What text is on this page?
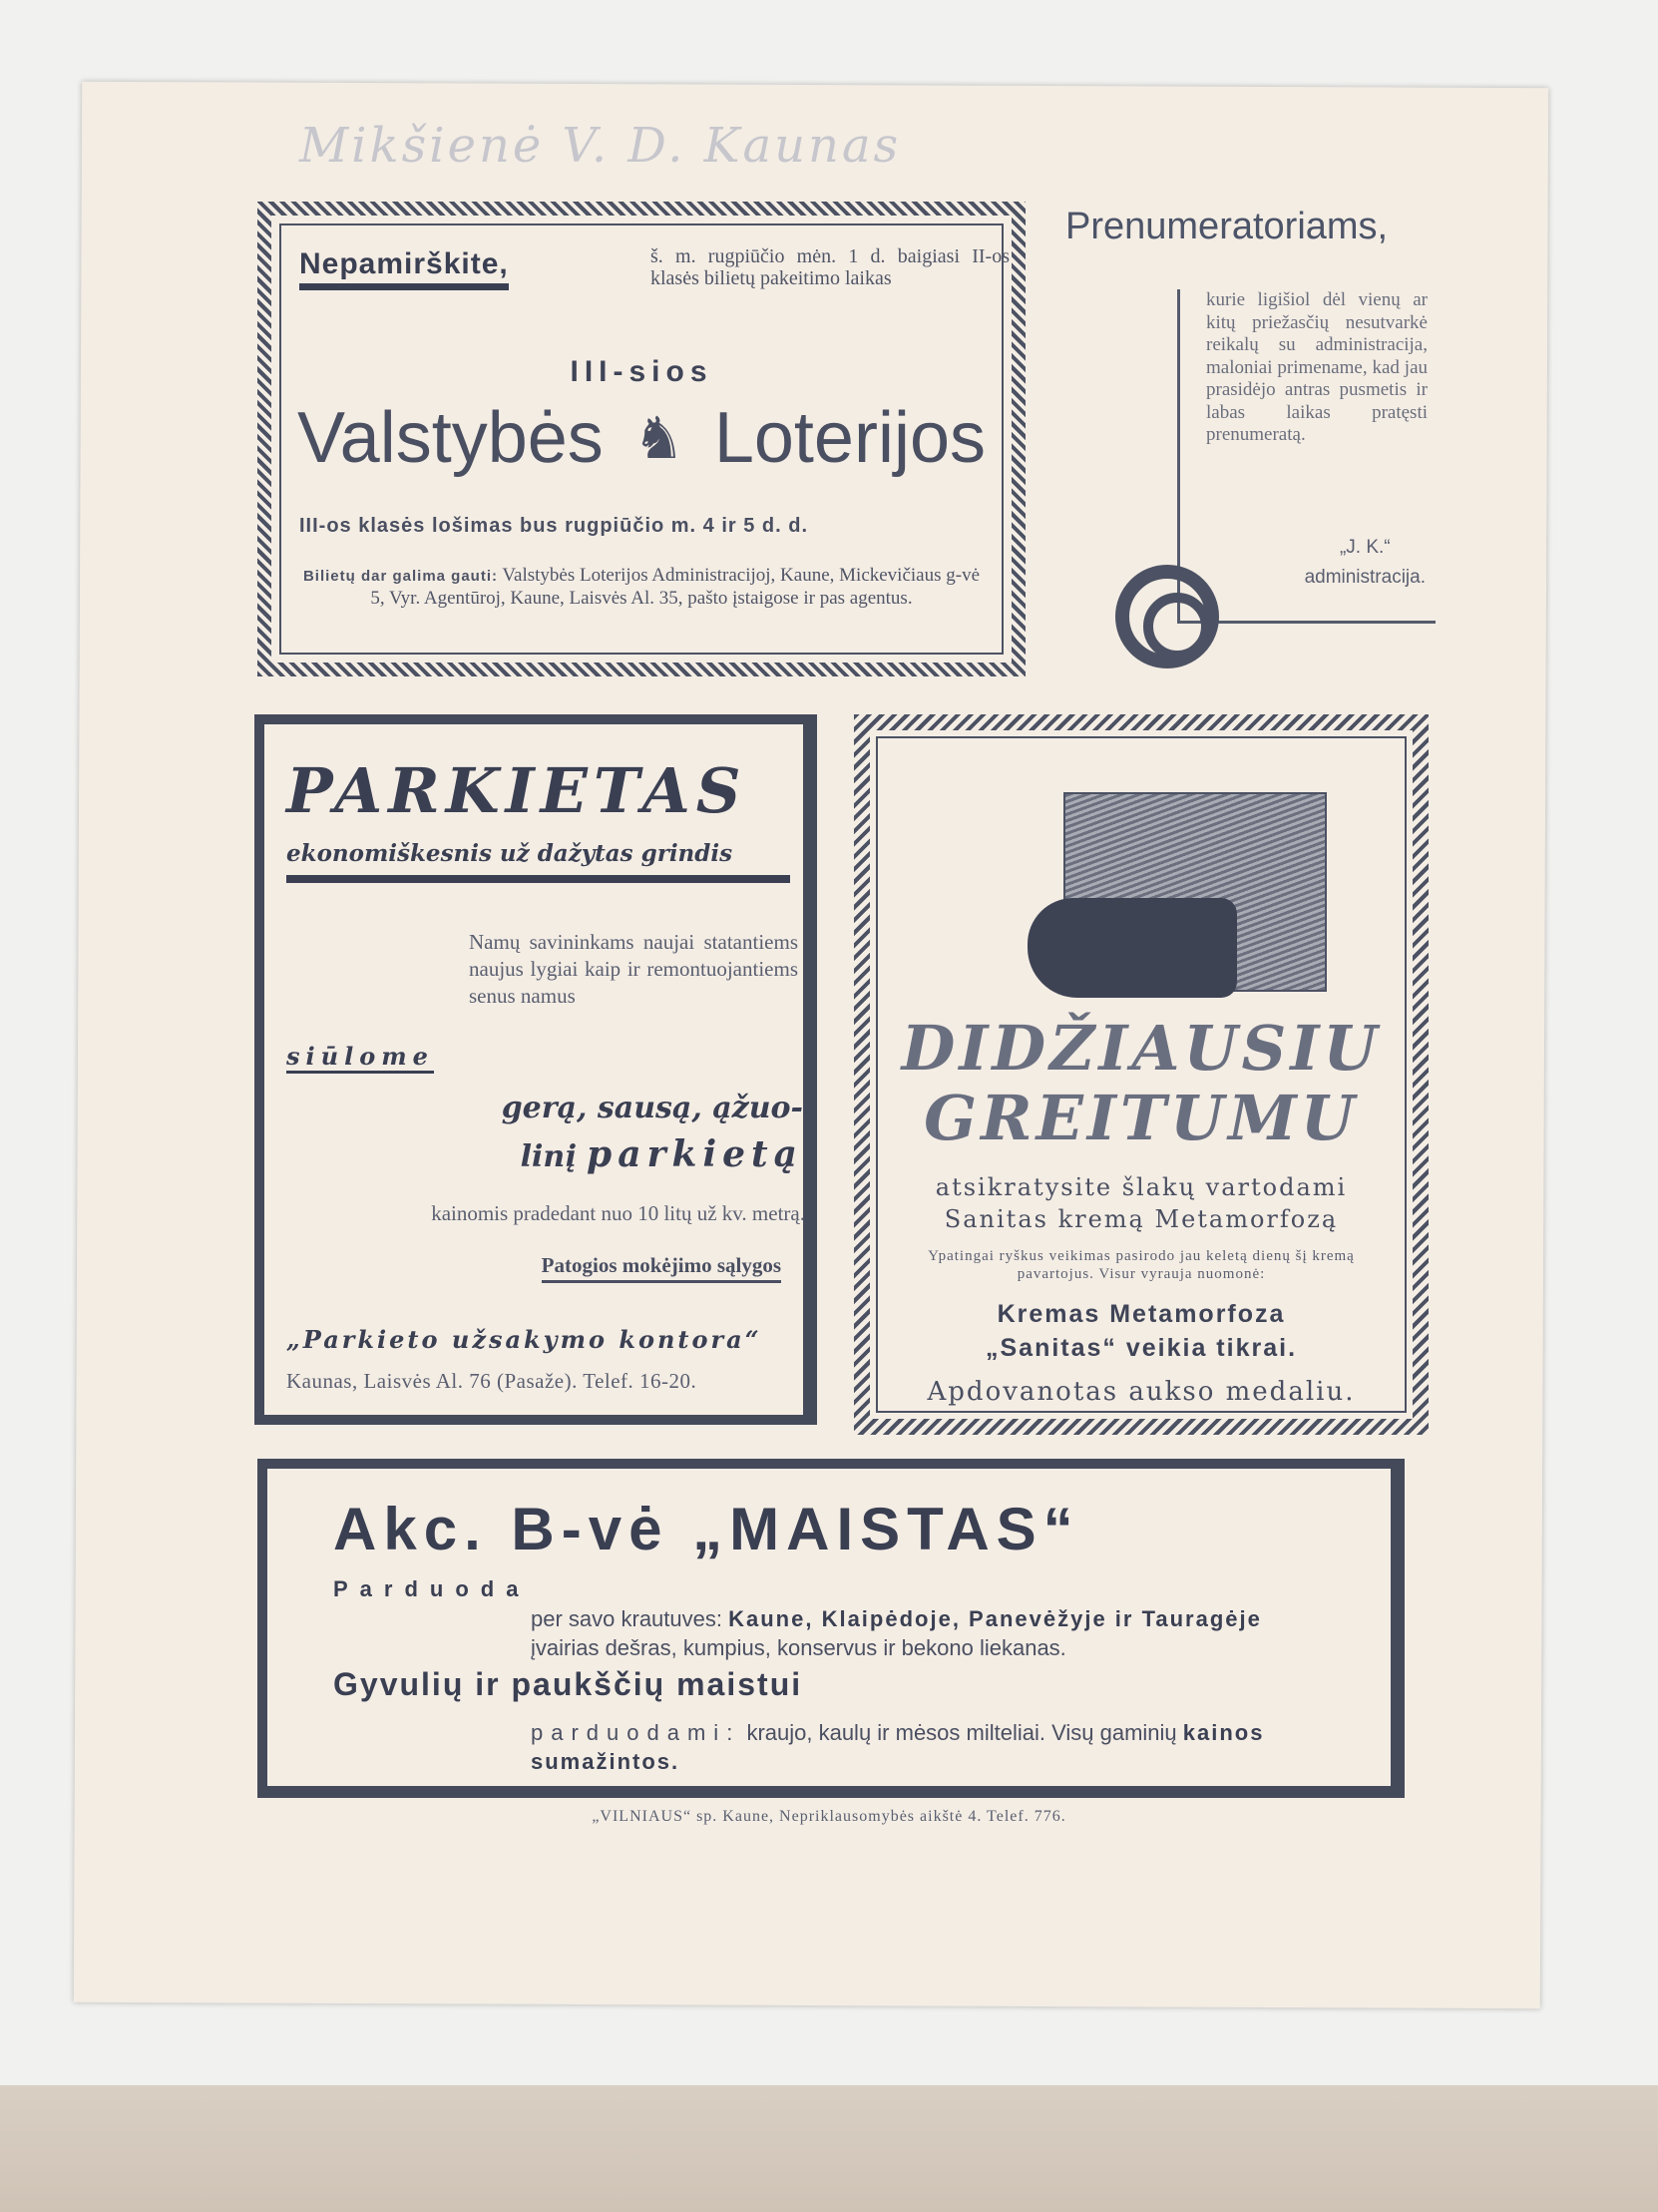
Mikšienė V. D. Kaunas
Nepamirškite,	š. m. rugpiūčio mėn. 1 d. baigiasi II-os klasės bilietų pakeitimo laikas
III-sios
Valstybės ♞ Loterijos
III-os klasės lošimas bus rugpiūčio m. 4 ir 5 d. d.
Bilietų dar galima gauti: Valstybės Loterijos Administracijoj, Kaune, Mickevičiaus g-vė 5, Vyr. Agentūroj, Kaune, Laisvės Al. 35, pašto įstaigose ir pas agentus.
Prenumeratoriams,
kurie ligišiol dėl vienų ar kitų priežasčių nesutvarkė reikalų su administracija, maloniai primename, kad jau prasidėjo antras pusmetis ir labas laikas pratęsti prenumeratą.
„J. K.“
administracija.
PARKIETAS
ekonomiškesnis už dažytas grindis
Namų savininkams naujai statantiems naujus lygiai kaip ir remontuojantiems senus namus
siūlome
gerą, sausą, ąžuo-
linį parkietą
kainomis pradedant nuo 10 litų už kv. metrą.
Patogios mokėjimo sąlygos
„Parkieto užsakymo kontora“
Kaunas, Laisvės Al. 76 (Pasaže). Telef. 16-20.
DIDŽIAUSIU
GREITUMU
atsikratysite šlakų vartodami
Sanitas kremą Metamorfozą
Ypatingai ryškus veikimas pasirodo jau keletą dienų šį kremą pavartojus. Visur vyrauja nuomonė:
Kremas Metamorfoza
„Sanitas“ veikia tikrai.
Apdovanotas aukso medaliu.
Akc. B-vė „MAISTAS“
Parduoda
per savo krautuves: Kaune, Klaipėdoje, Panevėžyje ir Tauragėje įvairias dešras, kumpius, konservus ir bekono liekanas.
Gyvulių ir paukščių maistui
parduodami: kraujo, kaulų ir mėsos milteliai. Visų gaminių kainos sumažintos.
„VILNIAUS“ sp. Kaune, Nepriklausomybės aikštė 4. Telef. 776.
